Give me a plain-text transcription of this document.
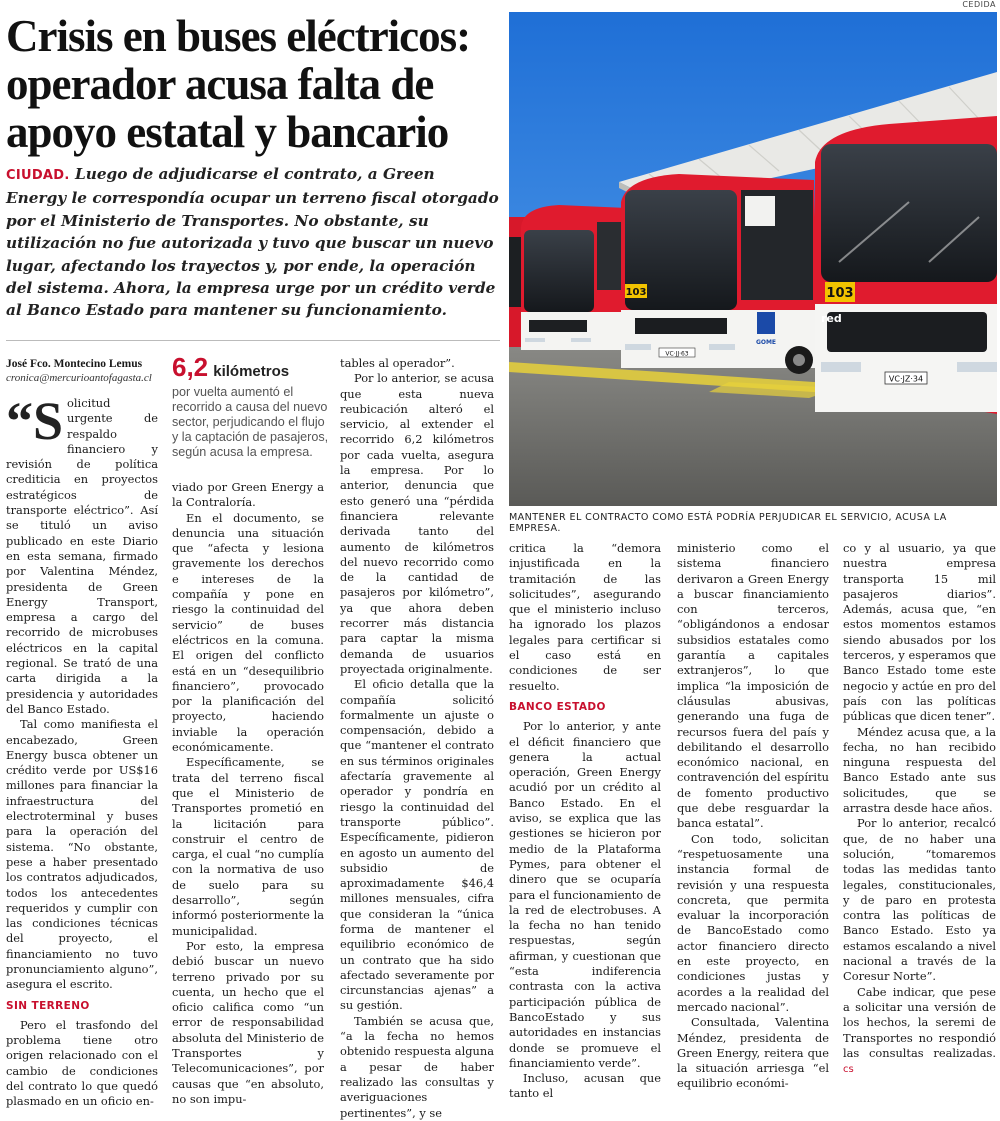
Crisis en buses eléctricos: operador acusa falta de apoyo estatal y bancario
CIUDAD. Luego de adjudicarse el contrato, a Green Energy le correspondía ocupar un terreno fiscal otorgado por el Ministerio de Transportes. No obstante, su utilización no fue autorizada y tuvo que buscar un nuevo lugar, afectando los trayectos y, por ende, la operación del sistema. Ahora, la empresa urge por un crédito verde al Banco Estado para mantener su funcionamiento.
CEDIDA
VC·JJ·63
103
GOME
103
red
VC·JZ·34
MANTENER EL CONTRACTO COMO ESTÁ PODRÍA PERJUDICAR EL SERVICIO, ACUSA LA EMPRESA.
José Fco. Montecino Lemus
cronica@mercurioantofagasta.cl 6,2 kilómetros
por vuelta aumentó el recorrido a causa del nuevo sector, perjudicando el flujo y la captación de pasajeros, según acusa la empresa.

“Solicitud urgente de respaldo financiero y revisión de política crediticia en proyectos estratégicos de transporte eléctrico”. Así se tituló un aviso publicado en este Diario en esta semana, firmado por Valentina Méndez, presidenta de Green Energy Transport, empresa a cargo del recorrido de microbuses eléctricos en la capital regional. Se trató de una carta dirigida a la presidencia y autoridades del Banco Estado.

Tal como manifiesta el encabezado, Green Energy busca obtener un crédito verde por US$16 millones para financiar la infraestructura del electroterminal y buses para la operación del sistema. “No obstante, pese a haber presentado los contratos adjudicados, todos los antecedentes requeridos y cumplir con las condiciones técnicas del proyecto, el financiamiento no tuvo pronunciamiento alguno”, asegura el escrito.

SIN TERRENO

Pero el trasfondo del problema tiene otro origen relacionado con el cambio de condiciones del contrato lo que quedó plasmado en un oficio en-

viado por Green Energy a la Contraloría.

En el documento, se denuncia una situación que “afecta y lesiona gravemente los derechos e intereses de la compañía y pone en riesgo la continuidad del servicio” de buses eléctricos en la comuna. El origen del conflicto está en un “desequilibrio financiero”, provocado por la planificación del proyecto, haciendo inviable la operación económicamente.

Específicamente, se trata del terreno fiscal que el Ministerio de Transportes prometió en la licitación para construir el centro de carga, el cual “no cumplía con la normativa de uso de suelo para su desarrollo”, según informó posteriormente la municipalidad.

Por esto, la empresa debió buscar un nuevo terreno privado por su cuenta, un hecho que el oficio califica como “un error de responsabilidad absoluta del Ministerio de Transportes y Telecomunicaciones”, por causas que “en absoluto, no son impu-

tables al operador”.

Por lo anterior, se acusa que esta nueva reubicación alteró el servicio, al extender el recorrido 6,2 kilómetros por cada vuelta, asegura la empresa. Por lo anterior, denuncia que esto generó una “pérdida financiera relevante derivada tanto del aumento de kilómetros del nuevo recorrido como de la cantidad de pasajeros por kilómetro”, ya que ahora deben recorrer más distancia para captar la misma demanda de usuarios proyectada originalmente.

El oficio detalla que la compañía solicitó formalmente un ajuste o compensación, debido a que “mantener el contrato en sus términos originales afectaría gravemente al operador y pondría en riesgo la continuidad del transporte público”. Específicamente, pidieron en agosto un aumento del subsidio de aproximadamente $46,4 millones mensuales, cifra que consideran la “única forma de mantener el equilibrio económico de un contrato que ha sido afectado severamente por circunstancias ajenas” a su gestión.

También se acusa que, “a la fecha no hemos obtenido respuesta alguna a pesar de haber realizado las consultas y averiguaciones pertinentes”, y se

critica la “demora injustificada en la tramitación de las solicitudes”, asegurando que el ministerio incluso ha ignorado los plazos legales para certificar si el caso está en condiciones de ser resuelto.

BANCO ESTADO

Por lo anterior, y ante el déficit financiero que genera la actual operación, Green Energy acudió por un crédito al Banco Estado. En el aviso, se explica que las gestiones se hicieron por medio de la Plataforma Pymes, para obtener el dinero que se ocuparía para el funcionamiento de la red de electrobuses. A la fecha no han tenido respuestas, según afirman, y cuestionan que “esta indiferencia contrasta con la activa participación pública de BancoEstado y sus autoridades en instancias donde se promueve el financiamiento verde”.

Incluso, acusan que tanto el

ministerio como el sistema financiero derivaron a Green Energy a buscar financiamiento con terceros, “obligándonos a endosar subsidios estatales como garantía a capitales extranjeros”, lo que implica “la imposición de cláusulas abusivas, generando una fuga de recursos fuera del país y debilitando el desarrollo económico nacional, en contravención del espíritu de fomento productivo que debe resguardar la banca estatal”.

Con todo, solicitan “respetuosamente una instancia formal de revisión y una respuesta concreta, que permita evaluar la incorporación de BancoEstado como actor financiero directo en este proyecto, en condiciones justas y acordes a la realidad del mercado nacional”.

Consultada, Valentina Méndez, presidenta de Green Energy, reitera que la situación arriesga “el equilibrio económi-

co y al usuario, ya que nuestra empresa transporta 15 mil pasajeros diarios”. Además, acusa que, “en estos momentos estamos siendo abusados por los terceros, y esperamos que Banco Estado tome este negocio y actúe en pro del país con las políticas públicas que dicen tener”.

Méndez acusa que, a la fecha, no han recibido ninguna respuesta del Banco Estado ante sus solicitudes, que se arrastra desde hace años.

Por lo anterior, recalcó que, de no haber una solución, “tomaremos todas las medidas tanto legales, constitucionales, y de paro en protesta contra las políticas de Banco Estado. Esto ya estamos escalando a nivel nacional a través de la Coresur Norte”.

Cabe indicar, que pese a solicitar una versión de los hechos, la seremi de Transportes no respondió las consultas realizadas. cs
